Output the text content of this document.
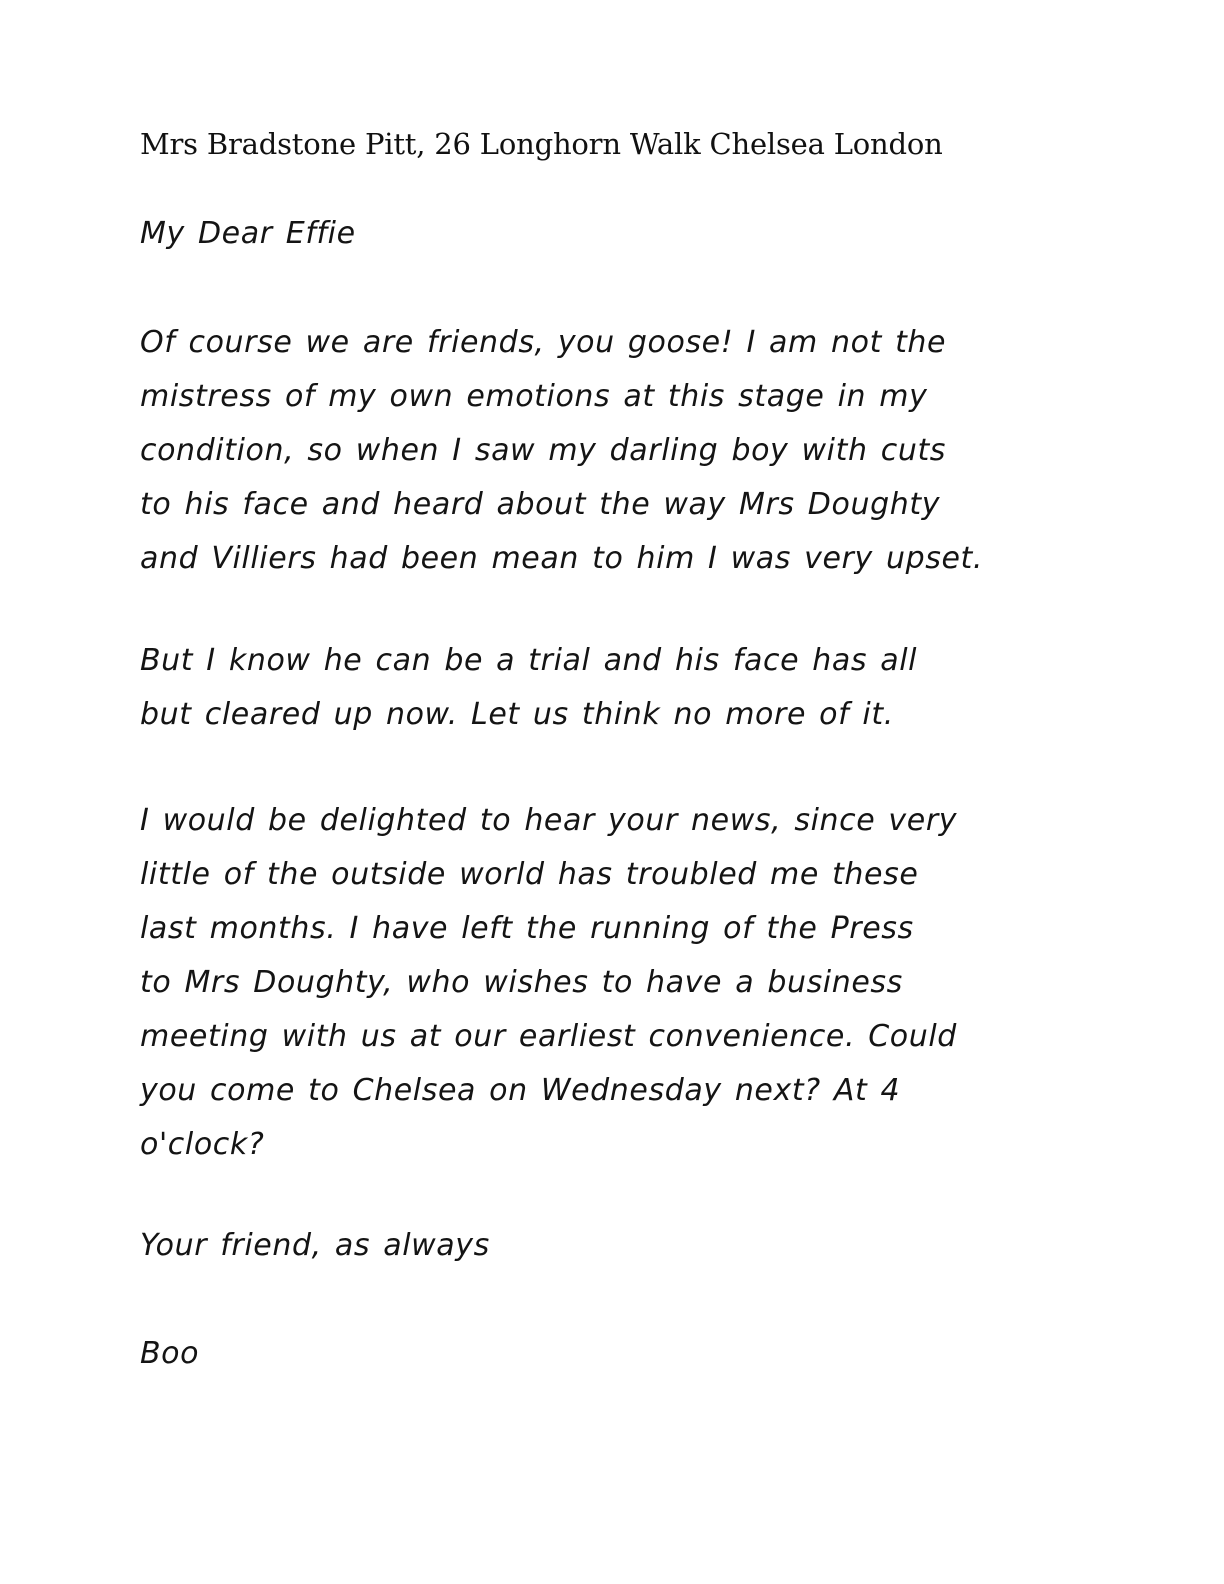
Mrs Bradstone Pitt, 26 Longhorn Walk Chelsea London
My Dear Effie
Of course we are friends, you goose! I am not the
mistress of my own emotions at this stage in my
condition, so when I saw my darling boy with cuts
to his face and heard about the way Mrs Doughty
and Villiers had been mean to him I was very upset.
But I know he can be a trial and his face has all
but cleared up now. Let us think no more of it.
I would be delighted to hear your news, since very
little of the outside world has troubled me these
last months. I have left the running of the Press
to Mrs Doughty, who wishes to have a business
meeting with us at our earliest convenience. Could
you come to Chelsea on Wednesday next? At 4
o'clock?
Your friend, as always
Boo
